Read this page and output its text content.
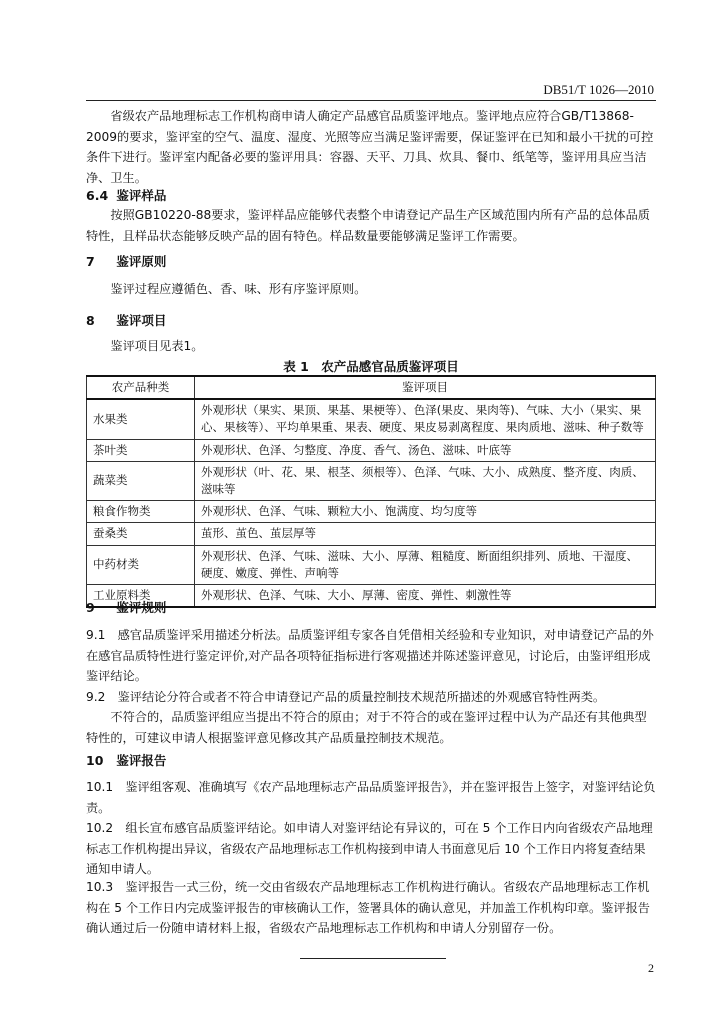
DB51/T 1026—2010

省级农产品地理标志工作机构商申请人确定产品感官品质鉴评地点。鉴评地点应符合GB/T13868-2009的要求，鉴评室的空气、温度、湿度、光照等应当满足鉴评需要，保证鉴评在已知和最小干扰的可控条件下进行。鉴评室内配备必要的鉴评用具：容器、天平、刀具、炊具、餐巾、纸笔等，鉴评用具应当洁净、卫生。

6.4 鉴评样品

按照GB10220-88要求，鉴评样品应能够代表整个申请登记产品生产区域范围内所有产品的总体品质特性，且样品状态能够反映产品的固有特色。样品数量要能够满足鉴评工作需要。

7 鉴评原则

鉴评过程应遵循色、香、味、形有序鉴评原则。

8 鉴评项目

鉴评项目见表1。

表 1　农产品感官品质鉴评项目
农产品种类	鉴评项目
水果类	外观形状（果实、果顶、果基、果梗等）、色泽(果皮、果肉等)、气味、大小（果实、果心、果核等）、平均单果重、果表、硬度、果皮易剥离程度、果肉质地、滋味、种子数等
茶叶类	外观形状、色泽、匀整度、净度、香气、汤色、滋味、叶底等
蔬菜类	外观形状（叶、花、果、根茎、须根等）、色泽、气味、大小、成熟度、整齐度、肉质、滋味等
粮食作物类	外观形状、色泽、气味、颗粒大小、饱满度、均匀度等
蚕桑类	茧形、茧色、茧层厚等
中药材类	外观形状、色泽、气味、滋味、大小、厚薄、粗糙度、断面组织排列、质地、干湿度、硬度、嫩度、弹性、声响等
工业原料类	外观形状、色泽、气味、大小、厚薄、密度、弹性、刺激性等
9 鉴评规则

9.1　 感官品质鉴评采用描述分析法。品质鉴评组专家各自凭借相关经验和专业知识，对申请登记产品的外在感官品质特性进行鉴定评价,对产品各项特征指标进行客观描述并陈述鉴评意见，讨论后，由鉴评组形成鉴评结论。

9.2　 鉴评结论分符合或者不符合申请登记产品的质量控制技术规范所描述的外观感官特性两类。

不符合的，品质鉴评组应当提出不符合的原由；对于不符合的或在鉴评过程中认为产品还有其他典型特性的，可建议申请人根据鉴评意见修改其产品质量控制技术规范。

10 鉴评报告

10.1　 鉴评组客观、准确填写《农产品地理标志产品品质鉴评报告》，并在鉴评报告上签字，对鉴评结论负责。

10.2　 组长宣布感官品质鉴评结论。如申请人对鉴评结论有异议的，可在 5 个工作日内向省级农产品地理标志工作机构提出异议，省级农产品地理标志工作机构接到申请人书面意见后 10 个工作日内将复查结果通知申请人。

10.3　 鉴评报告一式三份，统一交由省级农产品地理标志工作机构进行确认。省级农产品地理标志工作机构在 5 个工作日内完成鉴评报告的审核确认工作，签署具体的确认意见，并加盖工作机构印章。鉴评报告确认通过后一份随申请材料上报，省级农产品地理标志工作机构和申请人分别留存一份。

2
